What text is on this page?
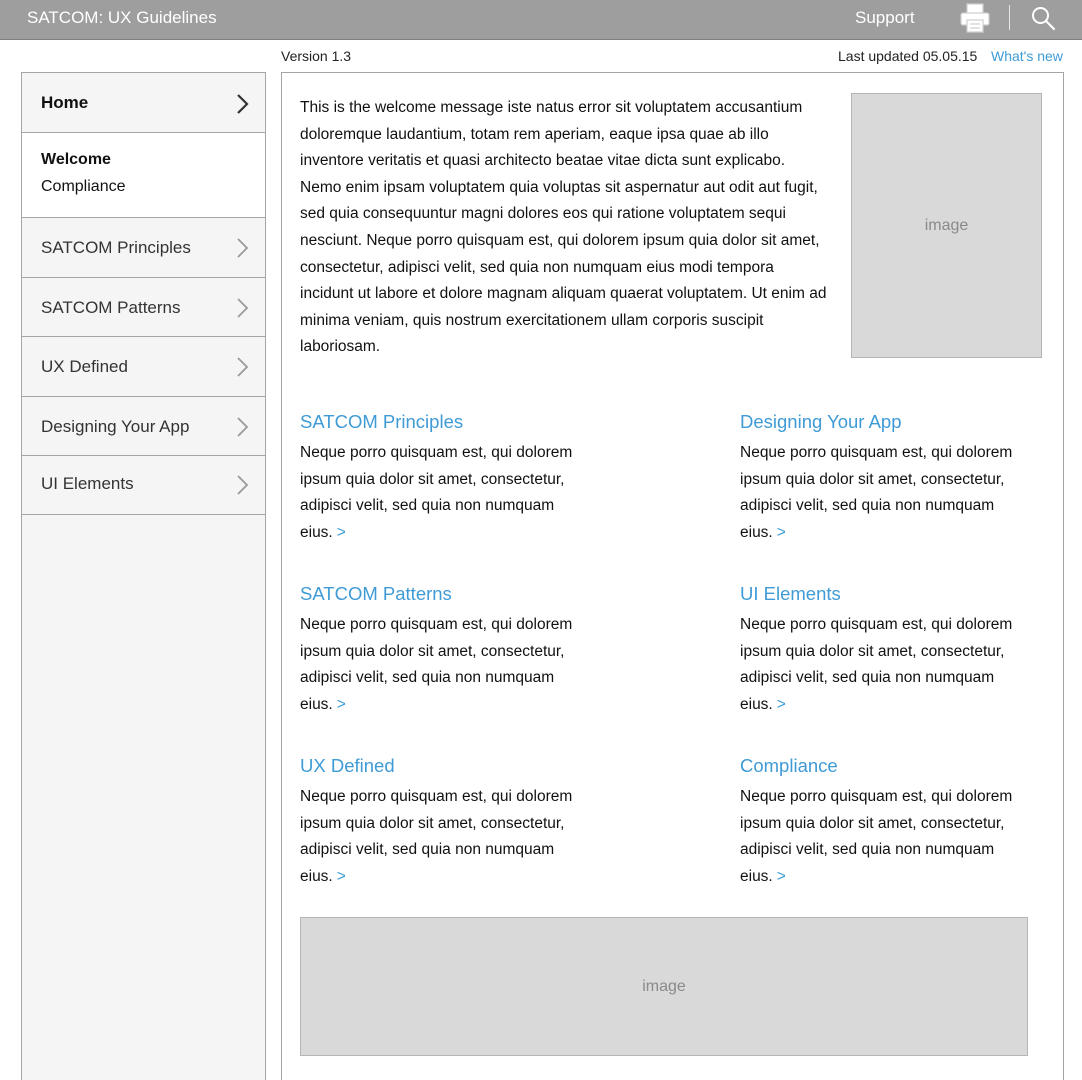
SATCOM: UX Guidelines	Support
Version 1.3	Last updated 05.05.15 What's new
Home
Welcome
Compliance
SATCOM Principles
SATCOM Patterns
UX Defined
Designing Your App
UI Elements

This is the welcome message iste natus error sit voluptatem accusantium doloremque laudantium, totam rem aperiam, eaque ipsa quae ab illo inventore veritatis et quasi architecto beatae vitae dicta sunt explicabo. Nemo enim ipsam voluptatem quia voluptas sit aspernatur aut odit aut fugit, sed quia consequuntur magni dolores eos qui ratione voluptatem sequi nesciunt. Neque porro quisquam est, qui dolorem ipsum quia dolor sit amet, consectetur, adipisci velit, sed quia non numquam eius modi tempora incidunt ut labore et dolore magnam aliquam quaerat voluptatem. Ut enim ad minima veniam, quis nostrum exercitationem ullam corporis suscipit laboriosam.

image
SATCOM Principles

Neque porro quisquam est, qui dolorem ipsum quia dolor sit amet, consectetur, adipisci velit, sed quia non numquam eius. >

Designing Your App

Neque porro quisquam est, qui dolorem ipsum quia dolor sit amet, consectetur, adipisci velit, sed quia non numquam eius. >

SATCOM Patterns

Neque porro quisquam est, qui dolorem ipsum quia dolor sit amet, consectetur, adipisci velit, sed quia non numquam eius. >

UI Elements

Neque porro quisquam est, qui dolorem ipsum quia dolor sit amet, consectetur, adipisci velit, sed quia non numquam eius. >

UX Defined

Neque porro quisquam est, qui dolorem ipsum quia dolor sit amet, consectetur, adipisci velit, sed quia non numquam eius. >

Compliance

Neque porro quisquam est, qui dolorem ipsum quia dolor sit amet, consectetur, adipisci velit, sed quia non numquam eius. >

image
